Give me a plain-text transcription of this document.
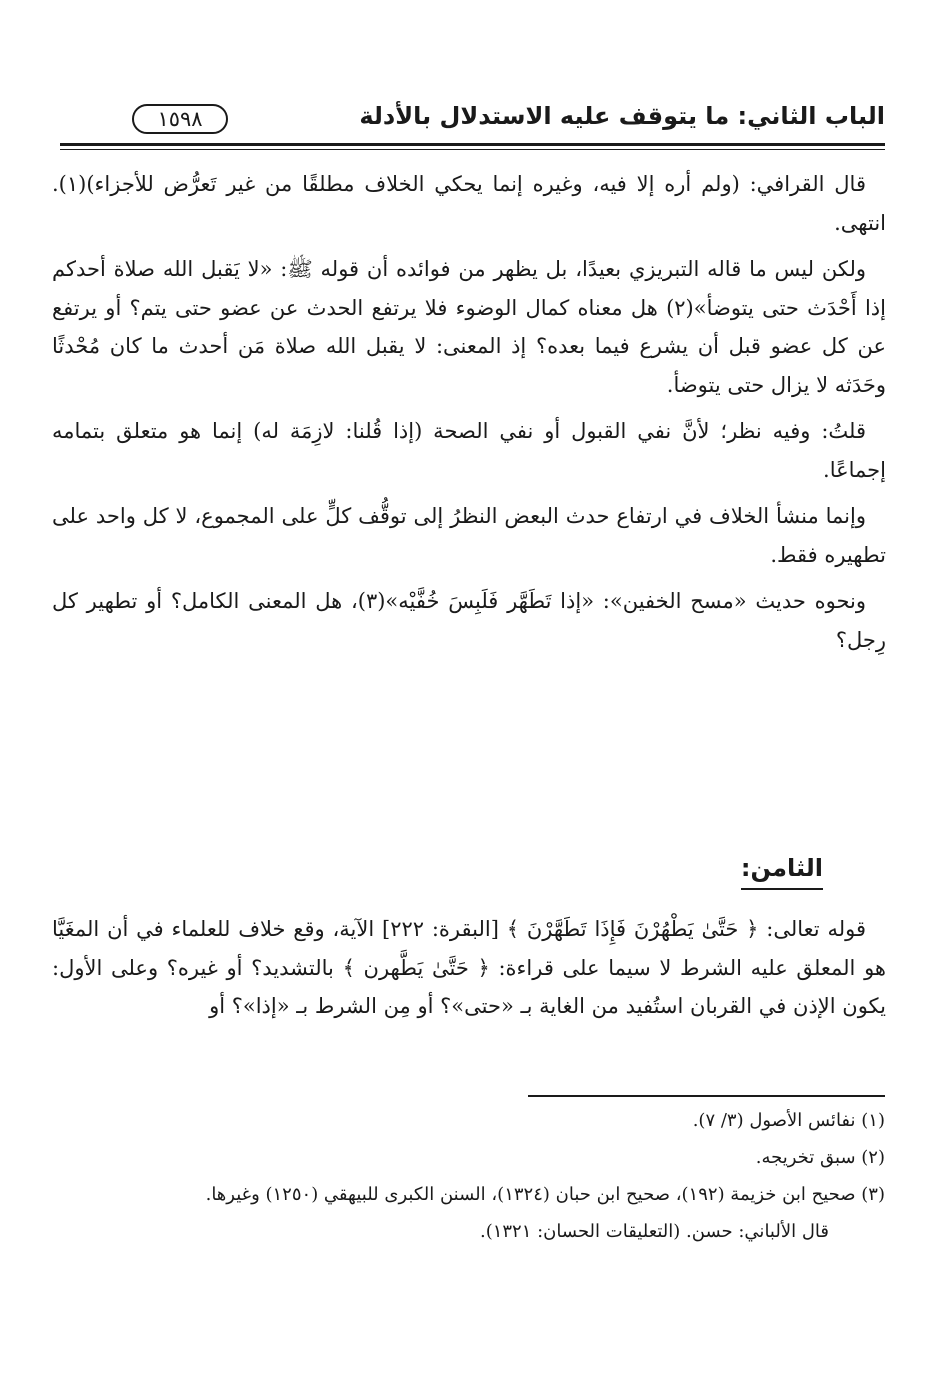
الباب الثاني: ما يتوقف عليه الاستدلال بالأدلة
١٥٩٨

قال القرافي: (ولم أره إلا فيه، وغيره إنما يحكي الخلاف مطلقًا من غير تَعرُّض للأجزاء)(١). انتهى.

ولكن ليس ما قاله التبريزي بعيدًا، بل يظهر من فوائده أن قوله ﷺ: «لا يَقبل الله صلاة أحدكم إذا أَحْدَث حتى يتوضأ»(٢) هل معناه كمال الوضوء فلا يرتفع الحدث عن عضو حتى يتم؟ أو يرتفع عن كل عضو قبل أن يشرع فيما بعده؟ إذ المعنى: لا يقبل الله صلاة مَن أحدث ما كان مُحْدثًا وحَدَثه لا يزال حتى يتوضأ.

قلتُ: وفيه نظر؛ لأنَّ نفي القبول أو نفي الصحة (إذا قُلنا: لازِمَة له) إنما هو متعلق بتمامه إجماعًا.

وإنما منشأ الخلاف في ارتفاع حدث البعض النظرُ إلى توقُّف كلٍّ على المجموع، لا كل واحد على تطهيره فقط.

ونحوه حديث «مسح الخفين»: «إذا تَطَهَّر فَلَبِسَ خُفَّيْه»(٣)، هل المعنى الكامل؟ أو تطهير كل رِجل؟

الثامن:

قوله تعالى: ﴿ حَتَّىٰ يَطْهُرْنَ فَإِذَا تَطَهَّرْنَ ﴾ [البقرة: ٢٢٢] الآية، وقع خلاف للعلماء في أن المغَيَّا هو المعلق عليه الشرط لا سيما على قراءة: ﴿ حَتَّىٰ يَطَّهرن ﴾ بالتشديد؟ أو غيره؟ وعلى الأول: يكون الإذن في القربان استُفيد من الغاية بـ «حتى»؟ أو مِن الشرط بـ «إذا»؟ أو

(١) نفائس الأصول (٣/ ٧).
(٢) سبق تخريجه.
(٣) صحيح ابن خزيمة (١٩٢)، صحيح ابن حبان (١٣٢٤)، السنن الكبرى للبيهقي (١٢٥٠) وغيرها.
قال الألباني: حسن. (التعليقات الحسان: ١٣٢١).
